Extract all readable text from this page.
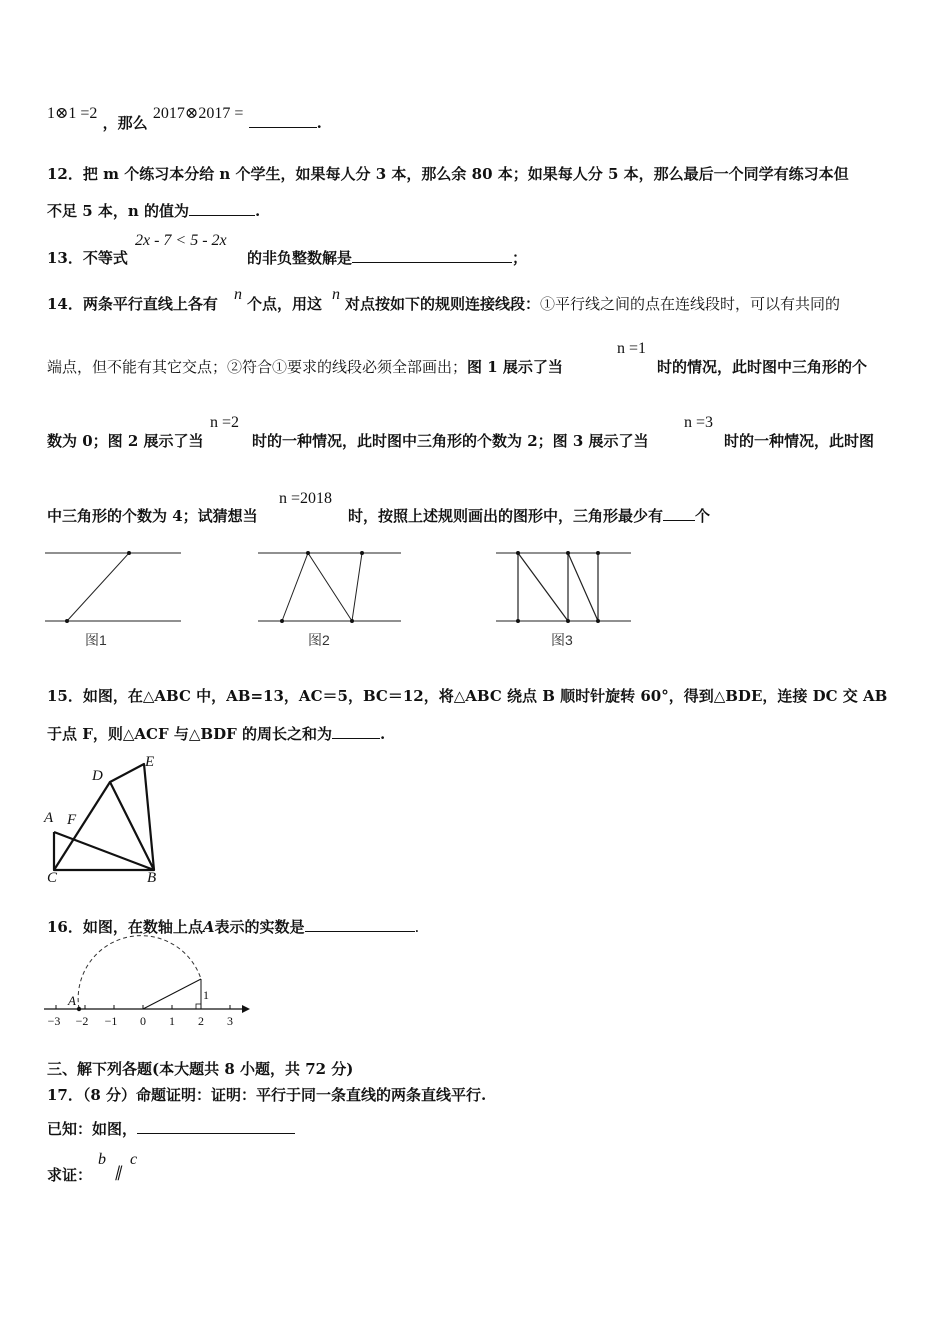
1⊗1 =2 ，那么 2017⊗2017 = .
12．把 m 个练习本分给 n 个学生，如果每人分 3 本，那么余 80 本；如果每人分 5 本，那么最后一个同学有练习本但
不足 5 本，n 的值为	.
13．不等式
2x - 7 < 5 - 2x
的非负整数解是	；
14．两条平行直线上各有
n
个点，用这
n
对点按如下的规则连接线段：①平行线之间的点在连线段时，可以有共同的
端点，但不能有其它交点；②符合①要求的线段必须全部画出；图 1 展示了当
n =1
时的情况，此时图中三角形的个
数为 0；图 2 展示了当
n =2
时的一种情况，此时图中三角形的个数为 2；图 3 展示了当
n =3
时的一种情况，此时图
中三角形的个数为 4；试猜想当
n =2018
时，按照上述规则画出的图形中，三角形最少有 个
图1	图2	图3
15．如图，在△ABC 中，AB=13，AC＝5，BC＝12，将△ABC 绕点 B 顺时针旋转 60°，得到△BDE，连接 DC 交 AB
于点 F，则△ACF 与△BDF 的周长之和为	.
D
E
A F
C	B
16．如图，在数轴上点A表示的实数是	.
A	1
−3 −2 −1 0 1 2 3
三、解下列各题(本大题共 8 小题，共 72 分)
17．（8 分）命题证明：证明：平行于同一条直线的两条直线平行.
已知：如图，
求证：
b
∥
c
